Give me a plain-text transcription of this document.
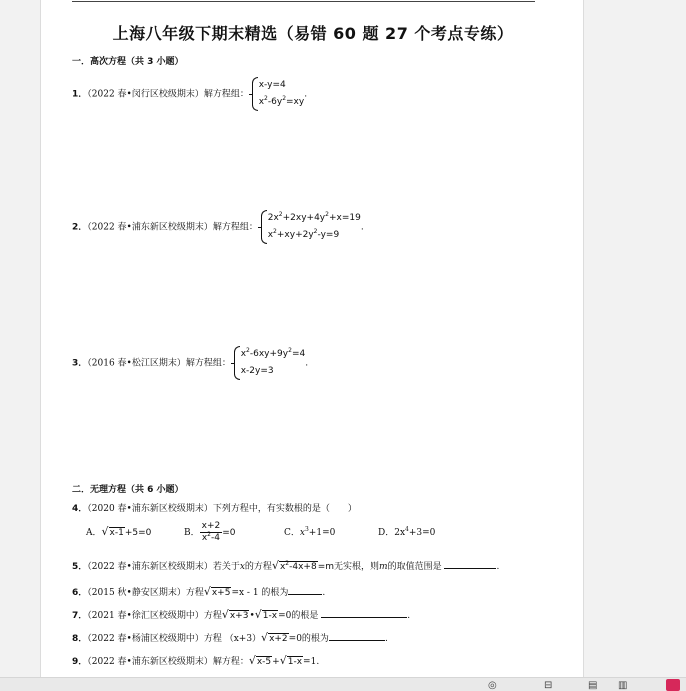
上海八年级下期末精选（易错 60 题 27 个考点专练）
一．高次方程（共 3 小题）
1．（2022 春•闵行区校级期末）解方程组：
x-y=4
$x^2-6y^2=xy$
.
2．（2022 春•浦东新区校级期末）解方程组：
$2x^2+2xy+4y^2+x=19$
$x^2+xy+2y^2-y=9$
.
3．（2016 春•松江区期末）解方程组：
$x^2-6xy+9y^2=4$
x-2y=3
.
二．无理方程（共 6 小题）
4．（2020 春•浦东新区校级期末）下列方程中，有实数根的是（　　）
A．√x-1+5=0	B． $\frac{x+2}{x^2-4} =0$	C．$x^3+1=0$	D．$2x^4+3=0$
5．（2022 春•浦东新区校级期末）若关于x的方程$√x^2-4x+8=m$无实根，则m的取值范围是	.
6．（2015 秋•静安区期末）方程√x+5=x - 1 的根为	.
7．（2021 春•徐汇区校级期中）方程√x+3•√1-x=0的根是	.
8．（2022 春•杨浦区校级期中）方程 （x+3）√x+2=0的根为	.
9．（2022 春•浦东新区校级期末）解方程：√x-5+√1-x=1.
◎	⊟	▤ ▥
